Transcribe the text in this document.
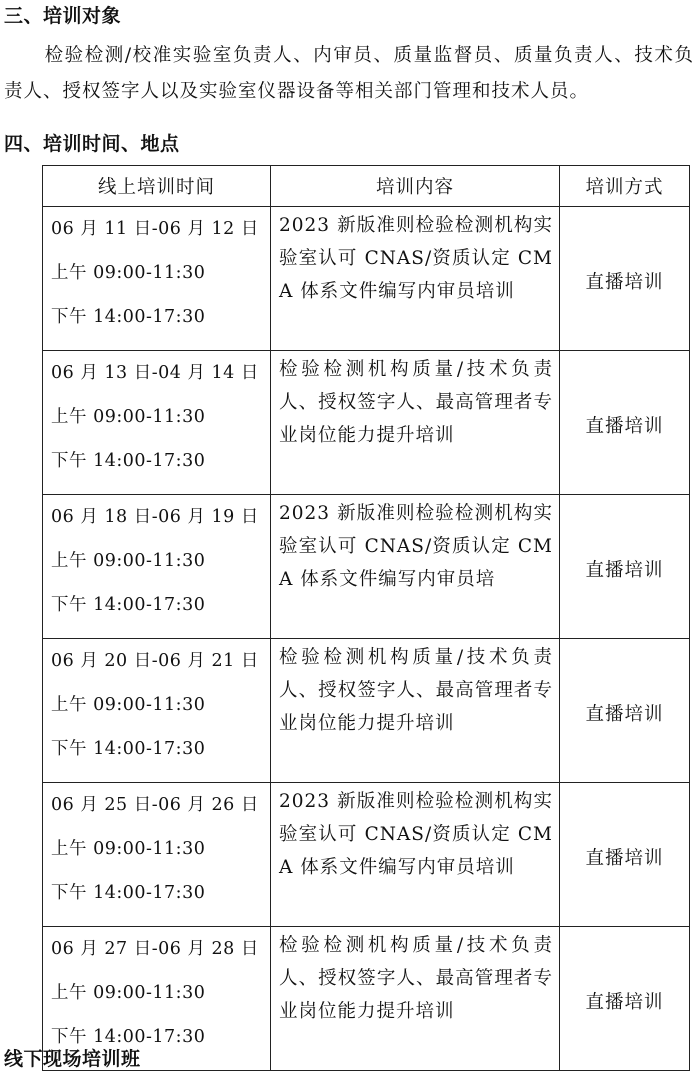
三、培训对象
检验检测/校准实验室负责人、内审员、质量监督员、质量负责人、技术负责人、授权签字人以及实验室仪器设备等相关部门管理和技术人员。
四、培训时间、地点
线上培训时间	培训内容	培训方式

06 月 11 日-06 月 12 日
上午 09:00-11:30
下午 14:00-17:30	2023 新版准则检验检测机构实验室认可 CNAS/资质认定 CMA 体系文件编写内审员培训	直播培训

06 月 13 日-04 月 14 日
上午 09:00-11:30
下午 14:00-17:30	检验检测机构质量/技术负责人、授权签字人、最高管理者专业岗位能力提升培训	直播培训

06 月 18 日-06 月 19 日
上午 09:00-11:30
下午 14:00-17:30	2023 新版准则检验检测机构实验室认可 CNAS/资质认定 CMA 体系文件编写内审员培	直播培训

06 月 20 日-06 月 21 日
上午 09:00-11:30
下午 14:00-17:30	检验检测机构质量/技术负责人、授权签字人、最高管理者专业岗位能力提升培训	直播培训

06 月 25 日-06 月 26 日
上午 09:00-11:30
下午 14:00-17:30	2023 新版准则检验检测机构实验室认可 CNAS/资质认定 CMA 体系文件编写内审员培训	直播培训

06 月 27 日-06 月 28 日
上午 09:00-11:30
下午 14:00-17:30	检验检测机构质量/技术负责人、授权签字人、最高管理者专业岗位能力提升培训	直播培训
线下现场培训班
